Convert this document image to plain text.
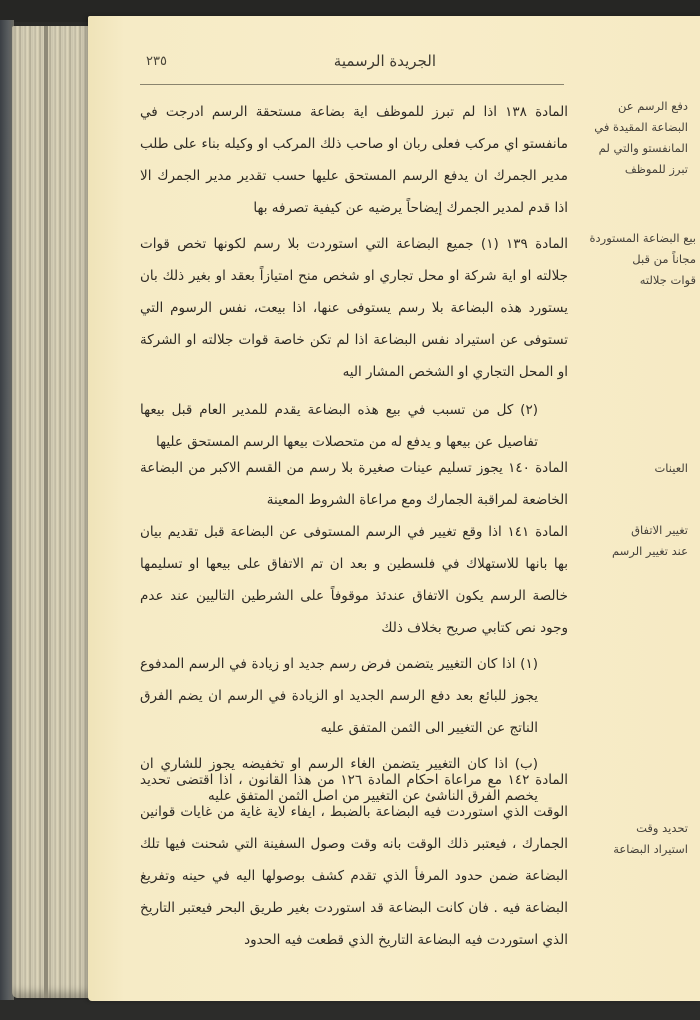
الجريدة الرسمية
٢٣٥
دفع الرسم عن
البضاعة المقيدة في
المانفستو والتي لم
تبرز للموظف

المادة ١٣٨ اذا لم تبرز للموظف اية بضاعة مستحقة الرسم ادرجت في مانفستو اي مركب فعلى ربان او صاحب ذلك المركب او وكيله بناء على طلب مدير الجمرك ان يدفع الرسم المستحق عليها حسب تقدير مدير الجمرك الا اذا قدم لمدير الجمرك إيضاحاً يرضيه عن كيفية تصرفه بها

بيع البضاعة المستوردة
مجاناً من قبل
قوات جلالته

المادة ١٣٩ (١) جميع البضاعة التي استوردت بلا رسم لكونها تخص قوات جلالته او اية شركة او محل تجاري او شخص منح امتيازاً بعقد او بغير ذلك بان يستورد هذه البضاعة بلا رسم يستوفى عنها، اذا بيعت، نفس الرسوم التي تستوفى عن استيراد نفس البضاعة اذا لم تكن خاصة قوات جلالته او الشركة او المحل التجاري او الشخص المشار اليه

(٢) كل من تسبب في بيع هذه البضاعة يقدم للمدير العام قبل بيعها تفاصيل عن بيعها و يدفع له من متحصلات بيعها الرسم المستحق عليها

العينات

المادة ١٤٠ يجوز تسليم عينات صغيرة بلا رسم من القسم الاكبر من البضاعة الخاضعة لمراقبة الجمارك ومع مراعاة الشروط المعينة

تغيير الاتفاق
عند تغيير الرسم

المادة ١٤١ اذا وقع تغيير في الرسم المستوفى عن البضاعة قبل تقديم بيان بها بانها للاستهلاك في فلسطين و بعد ان تم الاتفاق على بيعها او تسليمها خالصة الرسم يكون الاتفاق عندئذ موقوفاً على الشرطين التاليين عند عدم وجود نص كتابي صريح بخلاف ذلك

(١) اذا كان التغيير يتضمن فرض رسم جديد او زيادة في الرسم المدفوع يجوز للبائع بعد دفع الرسم الجديد او الزيادة في الرسم ان يضم الفرق الناتج عن التغيير الى الثمن المتفق عليه

(ب) اذا كان التغيير يتضمن الغاء الرسم او تخفيضه يجوز للشاري ان يخصم الفرق الناشئ عن التغيير من اصل الثمن المتفق عليه

تحديد وقت
استيراد البضاعة

المادة ١٤٢ مع مراعاة احكام المادة ١٢٦ من هذا القانون ، اذا اقتضى تحديد الوقت الذي استوردت فيه البضاعة بالضبط ، ايفاء لاية غاية من غايات قوانين الجمارك ، فيعتبر ذلك الوقت بانه وقت وصول السفينة التي شحنت فيها تلك البضاعة ضمن حدود المرفأ الذي تقدم كشف بوصولها اليه في حينه وتفريغ البضاعة فيه . فان كانت البضاعة قد استوردت بغير طريق البحر فيعتبر التاريخ الذي استوردت فيه البضاعة التاريخ الذي قطعت فيه الحدود
